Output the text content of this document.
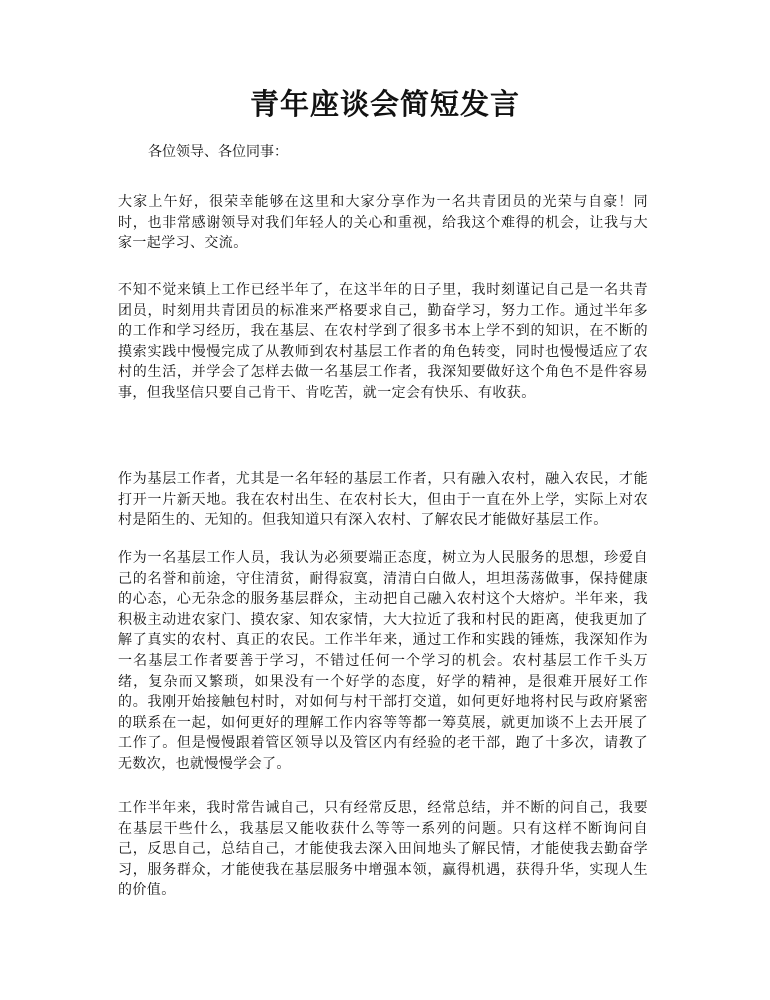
青年座谈会简短发言

各位领导、各位同事：

大家上午好，很荣幸能够在这里和大家分享作为一名共青团员的光荣与自豪！同时，也非常感谢领导对我们年轻人的关心和重视，给我这个难得的机会，让我与大家一起学习、交流。

不知不觉来镇上工作已经半年了，在这半年的日子里，我时刻谨记自己是一名共青团员，时刻用共青团员的标准来严格要求自己，勤奋学习，努力工作。通过半年多的工作和学习经历，我在基层、在农村学到了很多书本上学不到的知识，在不断的摸索实践中慢慢完成了从教师到农村基层工作者的角色转变，同时也慢慢适应了农村的生活，并学会了怎样去做一名基层工作者，我深知要做好这个角色不是件容易事，但我坚信只要自己肯干、肯吃苦，就一定会有快乐、有收获。

作为基层工作者，尤其是一名年轻的基层工作者，只有融入农村，融入农民，才能打开一片新天地。我在农村出生、在农村长大，但由于一直在外上学，实际上对农村是陌生的、无知的。但我知道只有深入农村、了解农民才能做好基层工作。

作为一名基层工作人员，我认为必须要端正态度，树立为人民服务的思想，珍爱自己的名誉和前途，守住清贫，耐得寂寞，清清白白做人，坦坦荡荡做事，保持健康的心态，心无杂念的服务基层群众，主动把自己融入农村这个大熔炉。半年来，我积极主动进农家门、摸农家、知农家情，大大拉近了我和村民的距离，使我更加了解了真实的农村、真正的农民。工作半年来，通过工作和实践的锤炼，我深知作为一名基层工作者要善于学习，不错过任何一个学习的机会。农村基层工作千头万绪，复杂而又繁琐，如果没有一个好学的态度，好学的精神，是很难开展好工作的。我刚开始接触包村时，对如何与村干部打交道，如何更好地将村民与政府紧密的联系在一起，如何更好的理解工作内容等等都一筹莫展，就更加谈不上去开展了工作了。但是慢慢跟着管区领导以及管区内有经验的老干部，跑了十多次，请教了无数次，也就慢慢学会了。

工作半年来，我时常告诫自己，只有经常反思，经常总结，并不断的问自己，我要在基层干些什么，我基层又能收获什么等等一系列的问题。只有这样不断询问自己，反思自己，总结自己，才能使我去深入田间地头了解民情，才能使我去勤奋学习，服务群众，才能使我在基层服务中增强本领，赢得机遇，获得升华，实现人生的价值。
